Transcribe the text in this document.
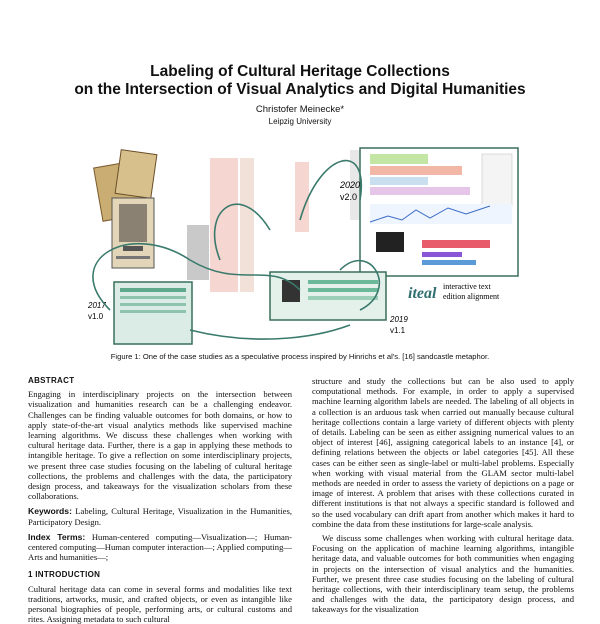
Labeling of Cultural Heritage Collections
on the Intersection of Visual Analytics and Digital Humanities
Christofer Meinecke*
Leipzig University
2020
v2.0
2017
v1.0	2019
v1.1
iteal interactive text
edition alignment
Figure 1: One of the case studies as a speculative process inspired by Hinrichs et al's. [16] sandcastle metaphor.
ABSTRACT

Engaging in interdisciplinary projects on the intersection between visualization and humanities research can be a challenging endeavor. Challenges can be finding valuable outcomes for both domains, or how to apply state-of-the-art visual analytics methods like supervised machine learning algorithms. We discuss these challenges when working with cultural heritage data. Further, there is a gap in applying these methods to intangible heritage. To give a reflection on some interdisciplinary projects, we present three case studies focusing on the labeling of cultural heritage collections, the problems and challenges with the data, the participatory design process, and takeaways for the visualization scholars from these collaborations.

Keywords: Labeling, Cultural Heritage, Visualization in the Humanities, Participatory Design.

Index Terms: Human-centered computing—Visualization—; Human-centered computing—Human computer interaction—; Applied computing—Arts and humanities—;

1 INTRODUCTION

Cultural heritage data can come in several forms and modalities like text traditions, artworks, music, and crafted objects, or even as intangible like personal biographies of people, performing arts, or cultural customs and rites. Assigning metadata to such cultural

structure and study the collections but can be also used to apply computational methods. For example, in order to apply a supervised machine learning algorithm labels are needed. The labeling of all objects in a collection is an arduous task when carried out manually because cultural heritage collections contain a large variety of different objects with plenty of details. Labeling can be seen as either assigning numerical values to an object of interest [46], assigning categorical labels to an instance [4], or defining relations between the objects or label categories [45]. All these cases can be either seen as single-label or multi-label problems. Especially when working with visual material from the GLAM sector multi-label methods are needed in order to assess the variety of depictions on a page or image of interest. A problem that arises with these collections curated in different institutions is that not always a specific standard is followed and so the used vocabulary can drift apart from another which makes it hard to combine the data from these institutions for large-scale analysis.

We discuss some challenges when working with cultural heritage data. Focusing on the application of machine learning algorithms, intangible heritage data, and valuable outcomes for both communities when engaging in projects on the intersection of visual analytics and the humanities. Further, we present three case studies focusing on the labeling of cultural heritage collections, with their interdisciplinary team setup, the problems and challenges with the data, the participatory design process, and takeaways for the visualization
